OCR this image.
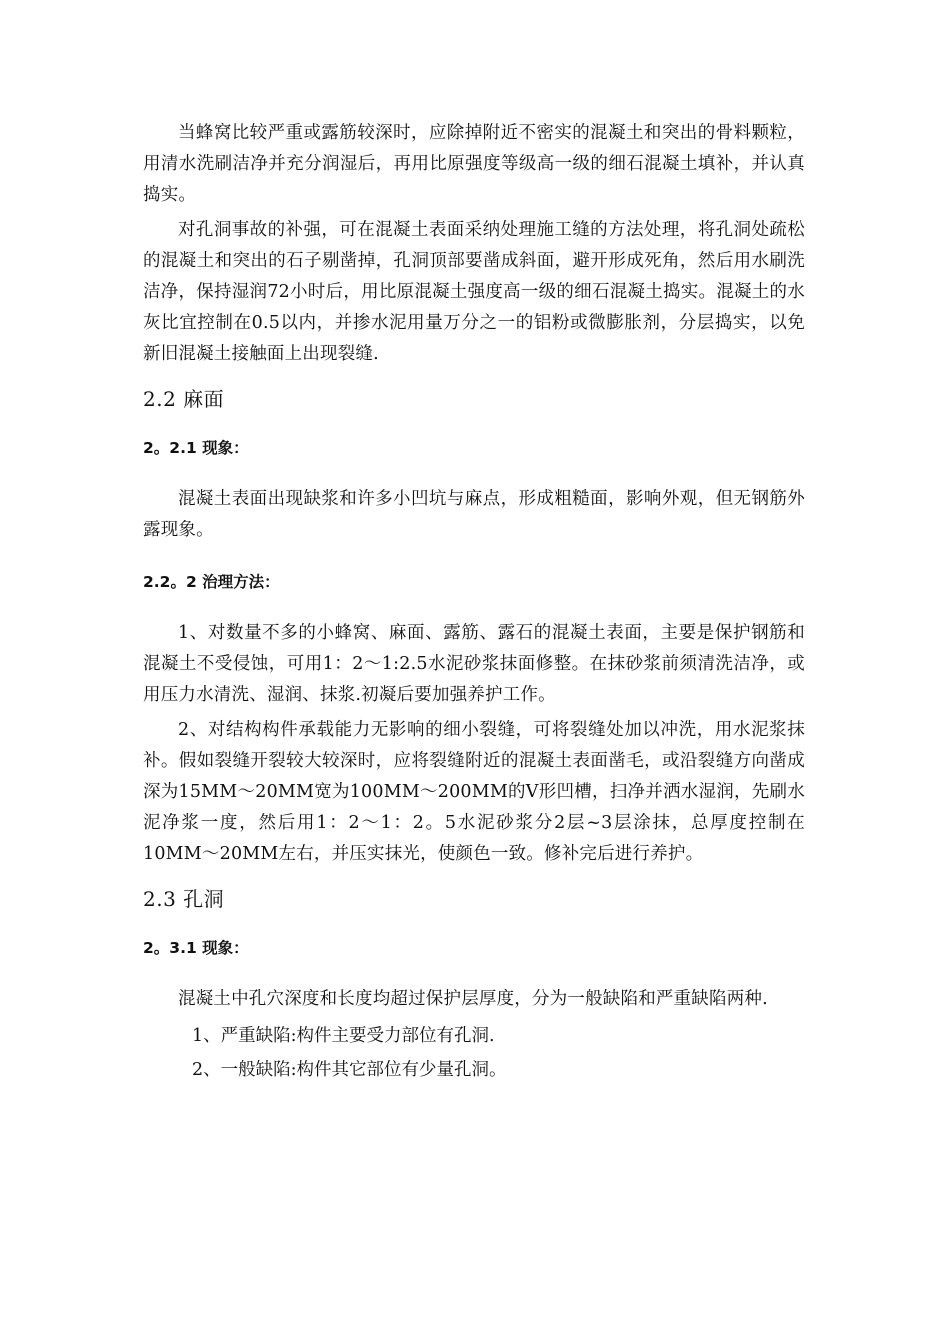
当蜂窝比较严重或露筋较深时，应除掉附近不密实的混凝土和突出的骨料颗粒，用清水洗刷洁净并充分润湿后，再用比原强度等级高一级的细石混凝土填补，并认真捣实。

对孔洞事故的补强，可在混凝土表面采纳处理施工缝的方法处理，将孔洞处疏松的混凝土和突出的石子剔凿掉，孔洞顶部要凿成斜面，避开形成死角，然后用水刷洗洁净，保持湿润72小时后，用比原混凝土强度高一级的细石混凝土捣实。混凝土的水灰比宜控制在0.5以内，并掺水泥用量万分之一的铝粉或微膨胀剂，分层捣实，以免新旧混凝土接触面上出现裂缝.

2.2 麻面
2。2.1 现象：

混凝土表面出现缺浆和许多小凹坑与麻点，形成粗糙面，影响外观，但无钢筋外露现象。

2.2。2 治理方法：

1、对数量不多的小蜂窝、麻面、露筋、露石的混凝土表面，主要是保护钢筋和混凝土不受侵蚀，可用1：2～1:2.5水泥砂浆抹面修整。在抹砂浆前须清洗洁净，或用压力水清洗、湿润、抹浆.初凝后要加强养护工作。

2、对结构构件承载能力无影响的细小裂缝，可将裂缝处加以冲洗，用水泥浆抹补。假如裂缝开裂较大较深时，应将裂缝附近的混凝土表面凿毛，或沿裂缝方向凿成深为15MM～20MM宽为100MM～200MM的V形凹槽，扫净并洒水湿润，先刷水泥净浆一度，然后用1：2～1：2。5水泥砂浆分2层~3层涂抹，总厚度控制在10MM～20MM左右，并压实抹光，使颜色一致。修补完后进行养护。

2.3 孔洞
2。3.1 现象：

混凝土中孔穴深度和长度均超过保护层厚度，分为一般缺陷和严重缺陷两种.

1、严重缺陷:构件主要受力部位有孔洞.

2、一般缺陷:构件其它部位有少量孔洞。
